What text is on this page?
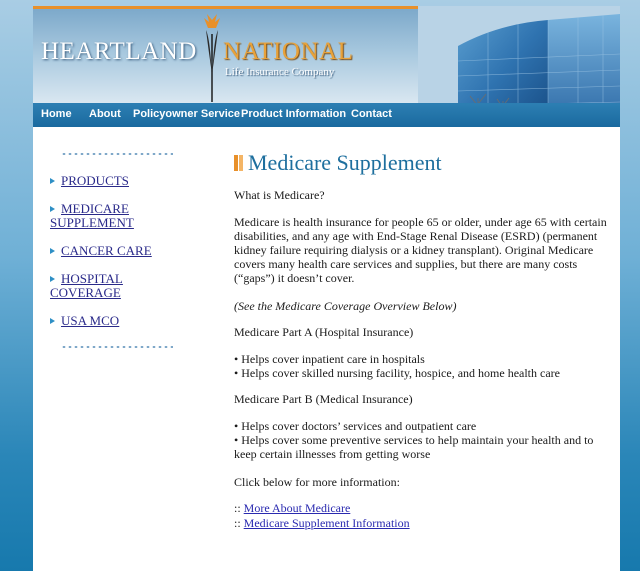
HEARTLAND NATIONAL
Life Insurance Company
Home About Policyowner Service Product Information Contact
PRODUCTS
MEDICARE SUPPLEMENT
CANCER CARE
HOSPITAL COVERAGE
USA MCO
Medicare Supplement
What is Medicare?
Medicare is health insurance for people 65 or older, under age 65 with certain disabilities, and any age with End-Stage Renal Disease (ESRD) (permanent kidney failure requiring dialysis or a kidney transplant). Original Medicare covers many health care services and supplies, but there are many costs (“gaps”) it doesn’t cover.
(See the Medicare Coverage Overview Below)
Medicare Part A (Hospital Insurance)
• Helps cover inpatient care in hospitals
• Helps cover skilled nursing facility, hospice, and home health care
Medicare Part B (Medical Insurance)
• Helps cover doctors’ services and outpatient care
• Helps cover some preventive services to help maintain your health and to keep certain illnesses from getting worse
Click below for more information:
:: More About Medicare
:: Medicare Supplement Information
